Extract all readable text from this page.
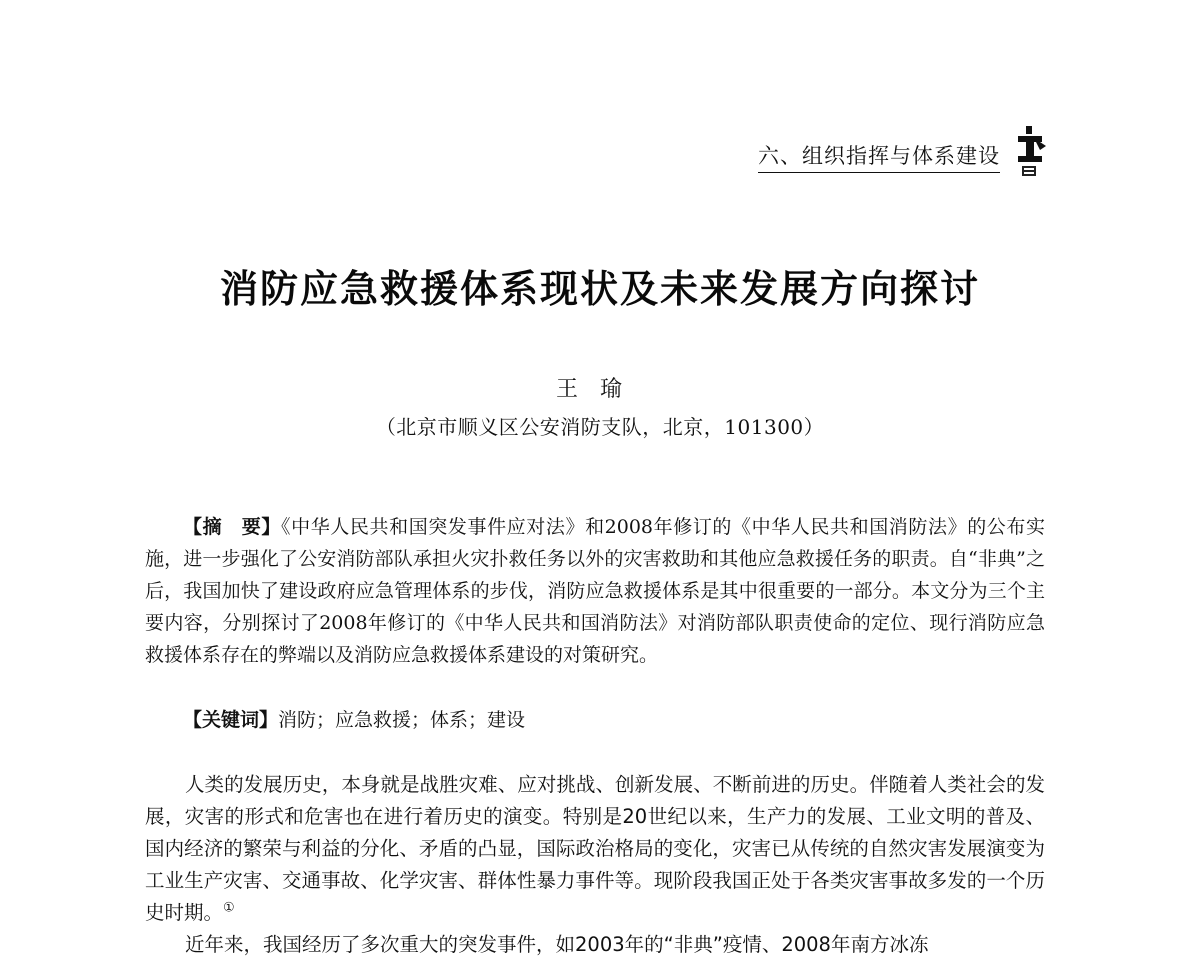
六、组织指挥与体系建设
消防应急救援体系现状及未来发展方向探讨
王瑜
（北京市顺义区公安消防支队，北京，101300）

【摘　要】《中华人民共和国突发事件应对法》和2008年修订的《中华人民共和国消防法》的公布实施，进一步强化了公安消防部队承担火灾扑救任务以外的灾害救助和其他应急救援任务的职责。自“非典”之后，我国加快了建设政府应急管理体系的步伐，消防应急救援体系是其中很重要的一部分。本文分为三个主要内容，分别探讨了2008年修订的《中华人民共和国消防法》对消防部队职责使命的定位、现行消防应急救援体系存在的弊端以及消防应急救援体系建设的对策研究。

【关键词】消防；应急救援；体系；建设

人类的发展历史，本身就是战胜灾难、应对挑战、创新发展、不断前进的历史。伴随着人类社会的发展，灾害的形式和危害也在进行着历史的演变。特别是20世纪以来，生产力的发展、工业文明的普及、国内经济的繁荣与利益的分化、矛盾的凸显，国际政治格局的变化，灾害已从传统的自然灾害发展演变为工业生产灾害、交通事故、化学灾害、群体性暴力事件等。现阶段我国正处于各类灾害事故多发的一个历史时期。①

近年来，我国经历了多次重大的突发事件，如2003年的“非典”疫情、2008年南方冰冻
